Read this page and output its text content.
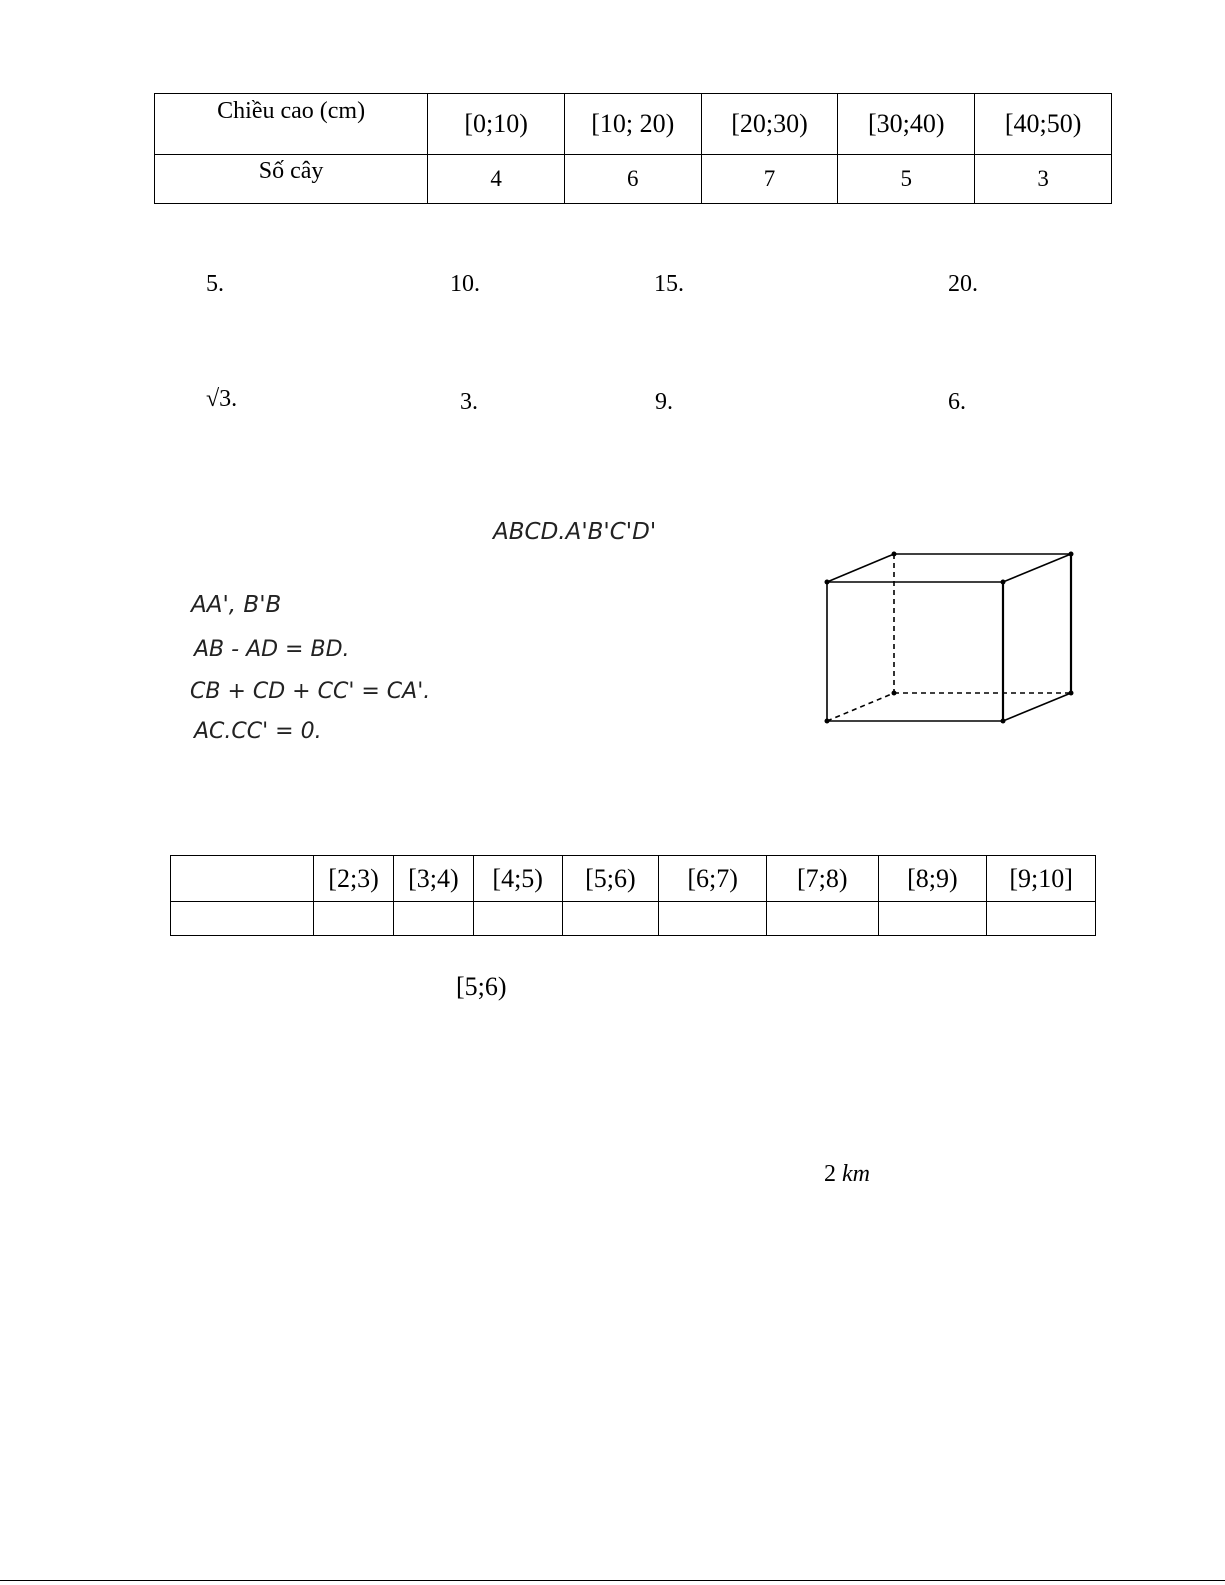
Chiều cao (cm)	[0;10)	[10; 20)	[20;30)	[30;40)	[40;50)
Số cây	4	6	7	5	3
5.	10.	15.	20.
√3.	3.	9.	6.
ABCD.A'B'C'D'
AA', B'B
AB - AD = BD.
CB + CD + CC' = CA'.
AC.CC' = 0.
	[2;3)	[3;4)	[4;5)	[5;6)	[6;7)	[7;8)	[8;9)	[9;10]

[5;6)
2 km
